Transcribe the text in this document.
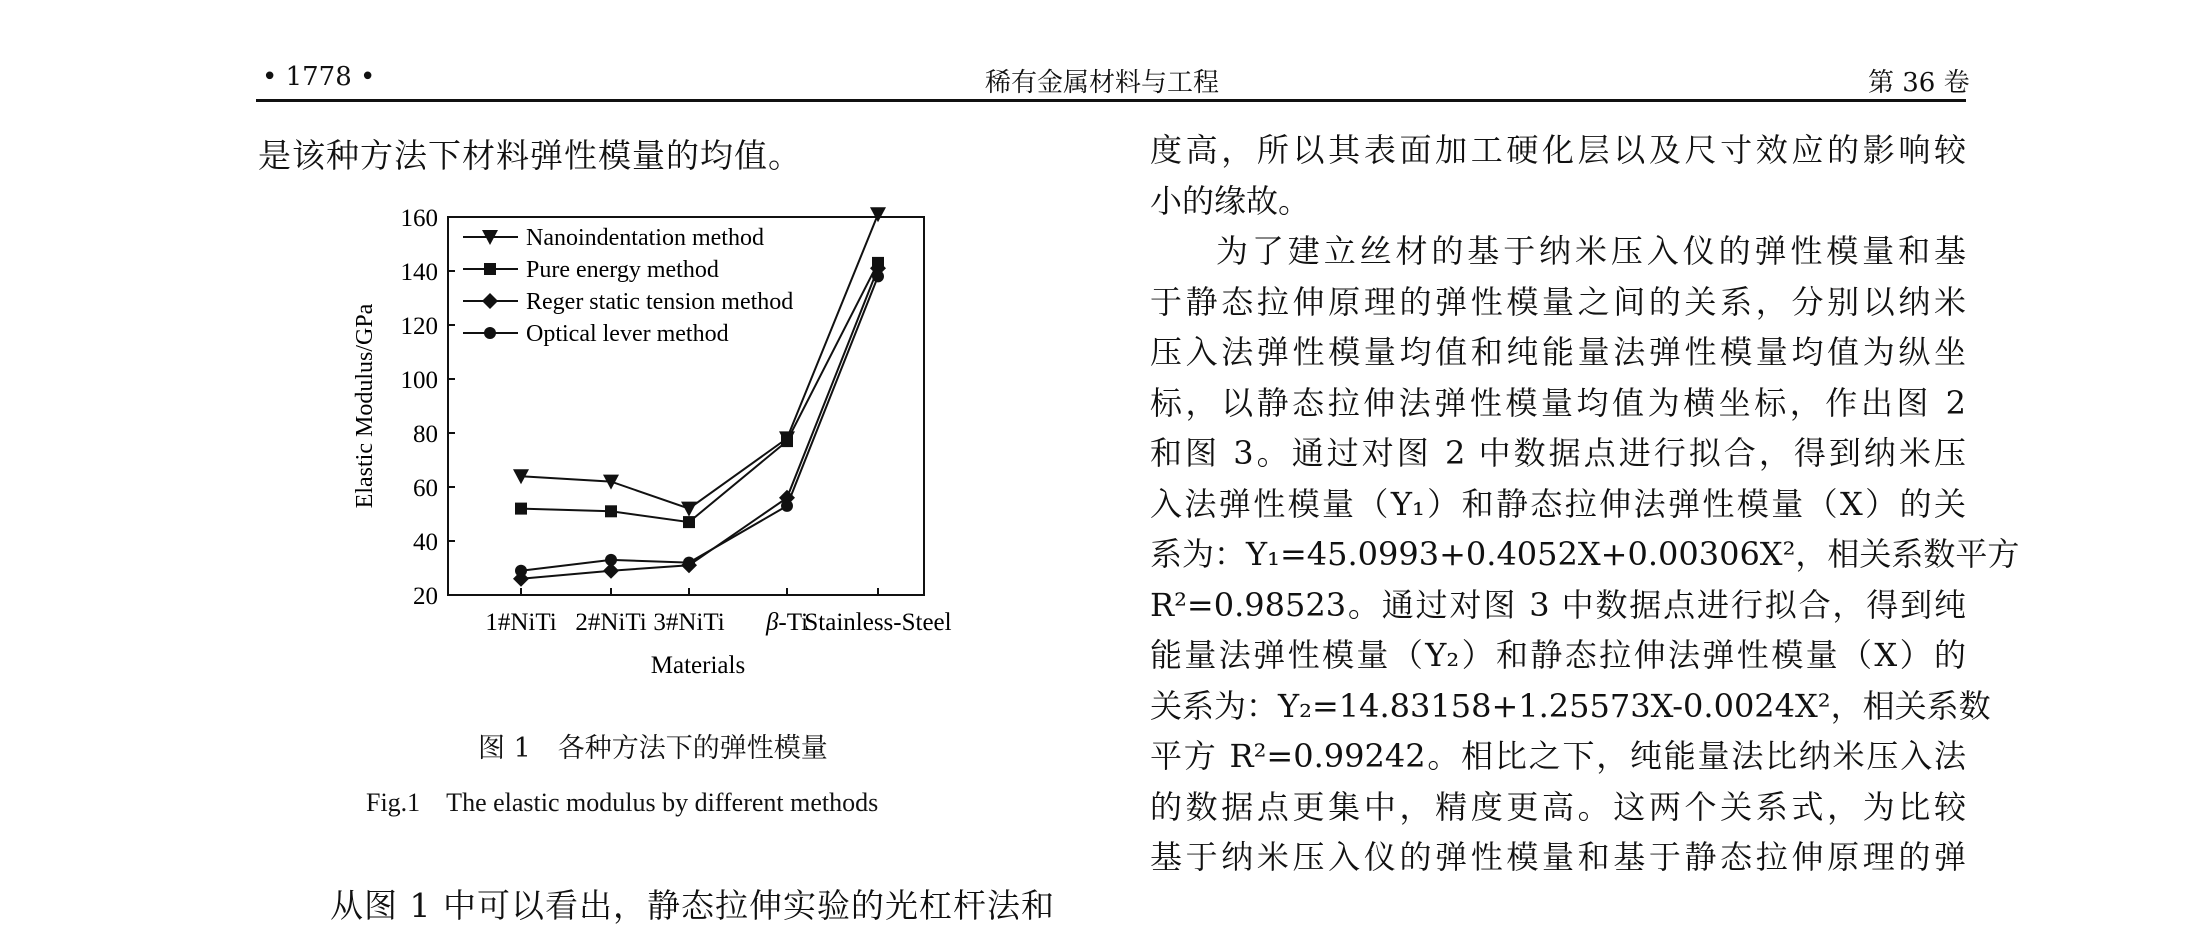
• 1778 •	稀有金属材料与工程	第 36 卷
是该种方法下材料弹性模量的均值。
从图 1 中可以看出，静态拉伸实验的光杠杆法和
20
40
60
80
100
120
140
160
1#NiTi 2#NiTi 3#NiTi β-Ti
Stainless-Steel
Nanoindentation method
Pure energy method
Reger static tension method
Optical lever method
Elastic Modulus/GPa
Materials
图 1　各种方法下的弹性模量
Fig.1　The elastic modulus by different methods
度高，所以其表面加工硬化层以及尺寸效应的影响较
小的缘故。
为了建立丝材的基于纳米压入仪的弹性模量和基
于静态拉伸原理的弹性模量之间的关系，分别以纳米
压入法弹性模量均值和纯能量法弹性模量均值为纵坐
标，以静态拉伸法弹性模量均值为横坐标，作出图 2
和图 3。通过对图 2 中数据点进行拟合，得到纳米压
入法弹性模量（Y₁）和静态拉伸法弹性模量（X）的关
系为：Y₁=45.0993+0.4052X+0.00306X²，相关系数平方
R²=0.98523。通过对图 3 中数据点进行拟合，得到纯
能量法弹性模量（Y₂）和静态拉伸法弹性模量（X）的
关系为：Y₂=14.83158+1.25573X-0.0024X²，相关系数
平方 R²=0.99242。相比之下，纯能量法比纳米压入法
的数据点更集中，精度更高。这两个关系式，为比较
基于纳米压入仪的弹性模量和基于静态拉伸原理的弹
